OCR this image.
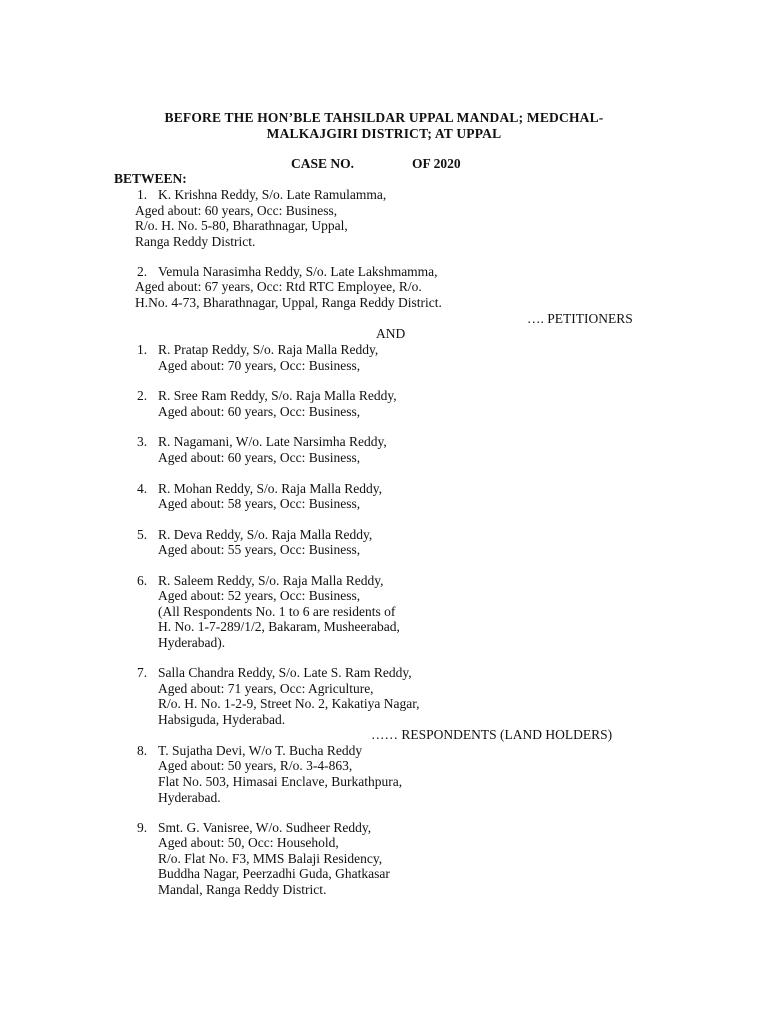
BEFORE THE HON’BLE TAHSILDAR UPPAL MANDAL; MEDCHAL-
MALKAJGIRI DISTRICT; AT UPPAL
CASE NO.	OF 2020
BETWEEN:
1. K. Krishna Reddy, S/o. Late Ramulamma,
Aged about: 60 years, Occ: Business,
R/o. H. No. 5-80, Bharathnagar, Uppal,
Ranga Reddy District.
2. Vemula Narasimha Reddy, S/o. Late Lakshmamma,
Aged about: 67 years, Occ: Rtd RTC Employee, R/o.
H.No. 4-73, Bharathnagar, Uppal, Ranga Reddy District.
…. PETITIONERS
AND
1. R. Pratap Reddy, S/o. Raja Malla Reddy,
Aged about: 70 years, Occ: Business,
2. R. Sree Ram Reddy, S/o. Raja Malla Reddy,
Aged about: 60 years, Occ: Business,
3. R. Nagamani, W/o. Late Narsimha Reddy,
Aged about: 60 years, Occ: Business,
4. R. Mohan Reddy, S/o. Raja Malla Reddy,
Aged about: 58 years, Occ: Business,
5. R. Deva Reddy, S/o. Raja Malla Reddy,
Aged about: 55 years, Occ: Business,
6. R. Saleem Reddy, S/o. Raja Malla Reddy,
Aged about: 52 years, Occ: Business,
(All Respondents No. 1 to 6 are residents of
H. No. 1-7-289/1/2, Bakaram, Musheerabad,
Hyderabad).
7. Salla Chandra Reddy, S/o. Late S. Ram Reddy,
Aged about: 71 years, Occ: Agriculture,
R/o. H. No. 1-2-9, Street No. 2, Kakatiya Nagar,
Habsiguda, Hyderabad.
…… RESPONDENTS (LAND HOLDERS)
8. T. Sujatha Devi, W/o T. Bucha Reddy
Aged about: 50 years, R/o. 3-4-863,
Flat No. 503, Himasai Enclave, Burkathpura,
Hyderabad.
9. Smt. G. Vanisree, W/o. Sudheer Reddy,
Aged about: 50, Occ: Household,
R/o. Flat No. F3, MMS Balaji Residency,
Buddha Nagar, Peerzadhi Guda, Ghatkasar
Mandal, Ranga Reddy District.
